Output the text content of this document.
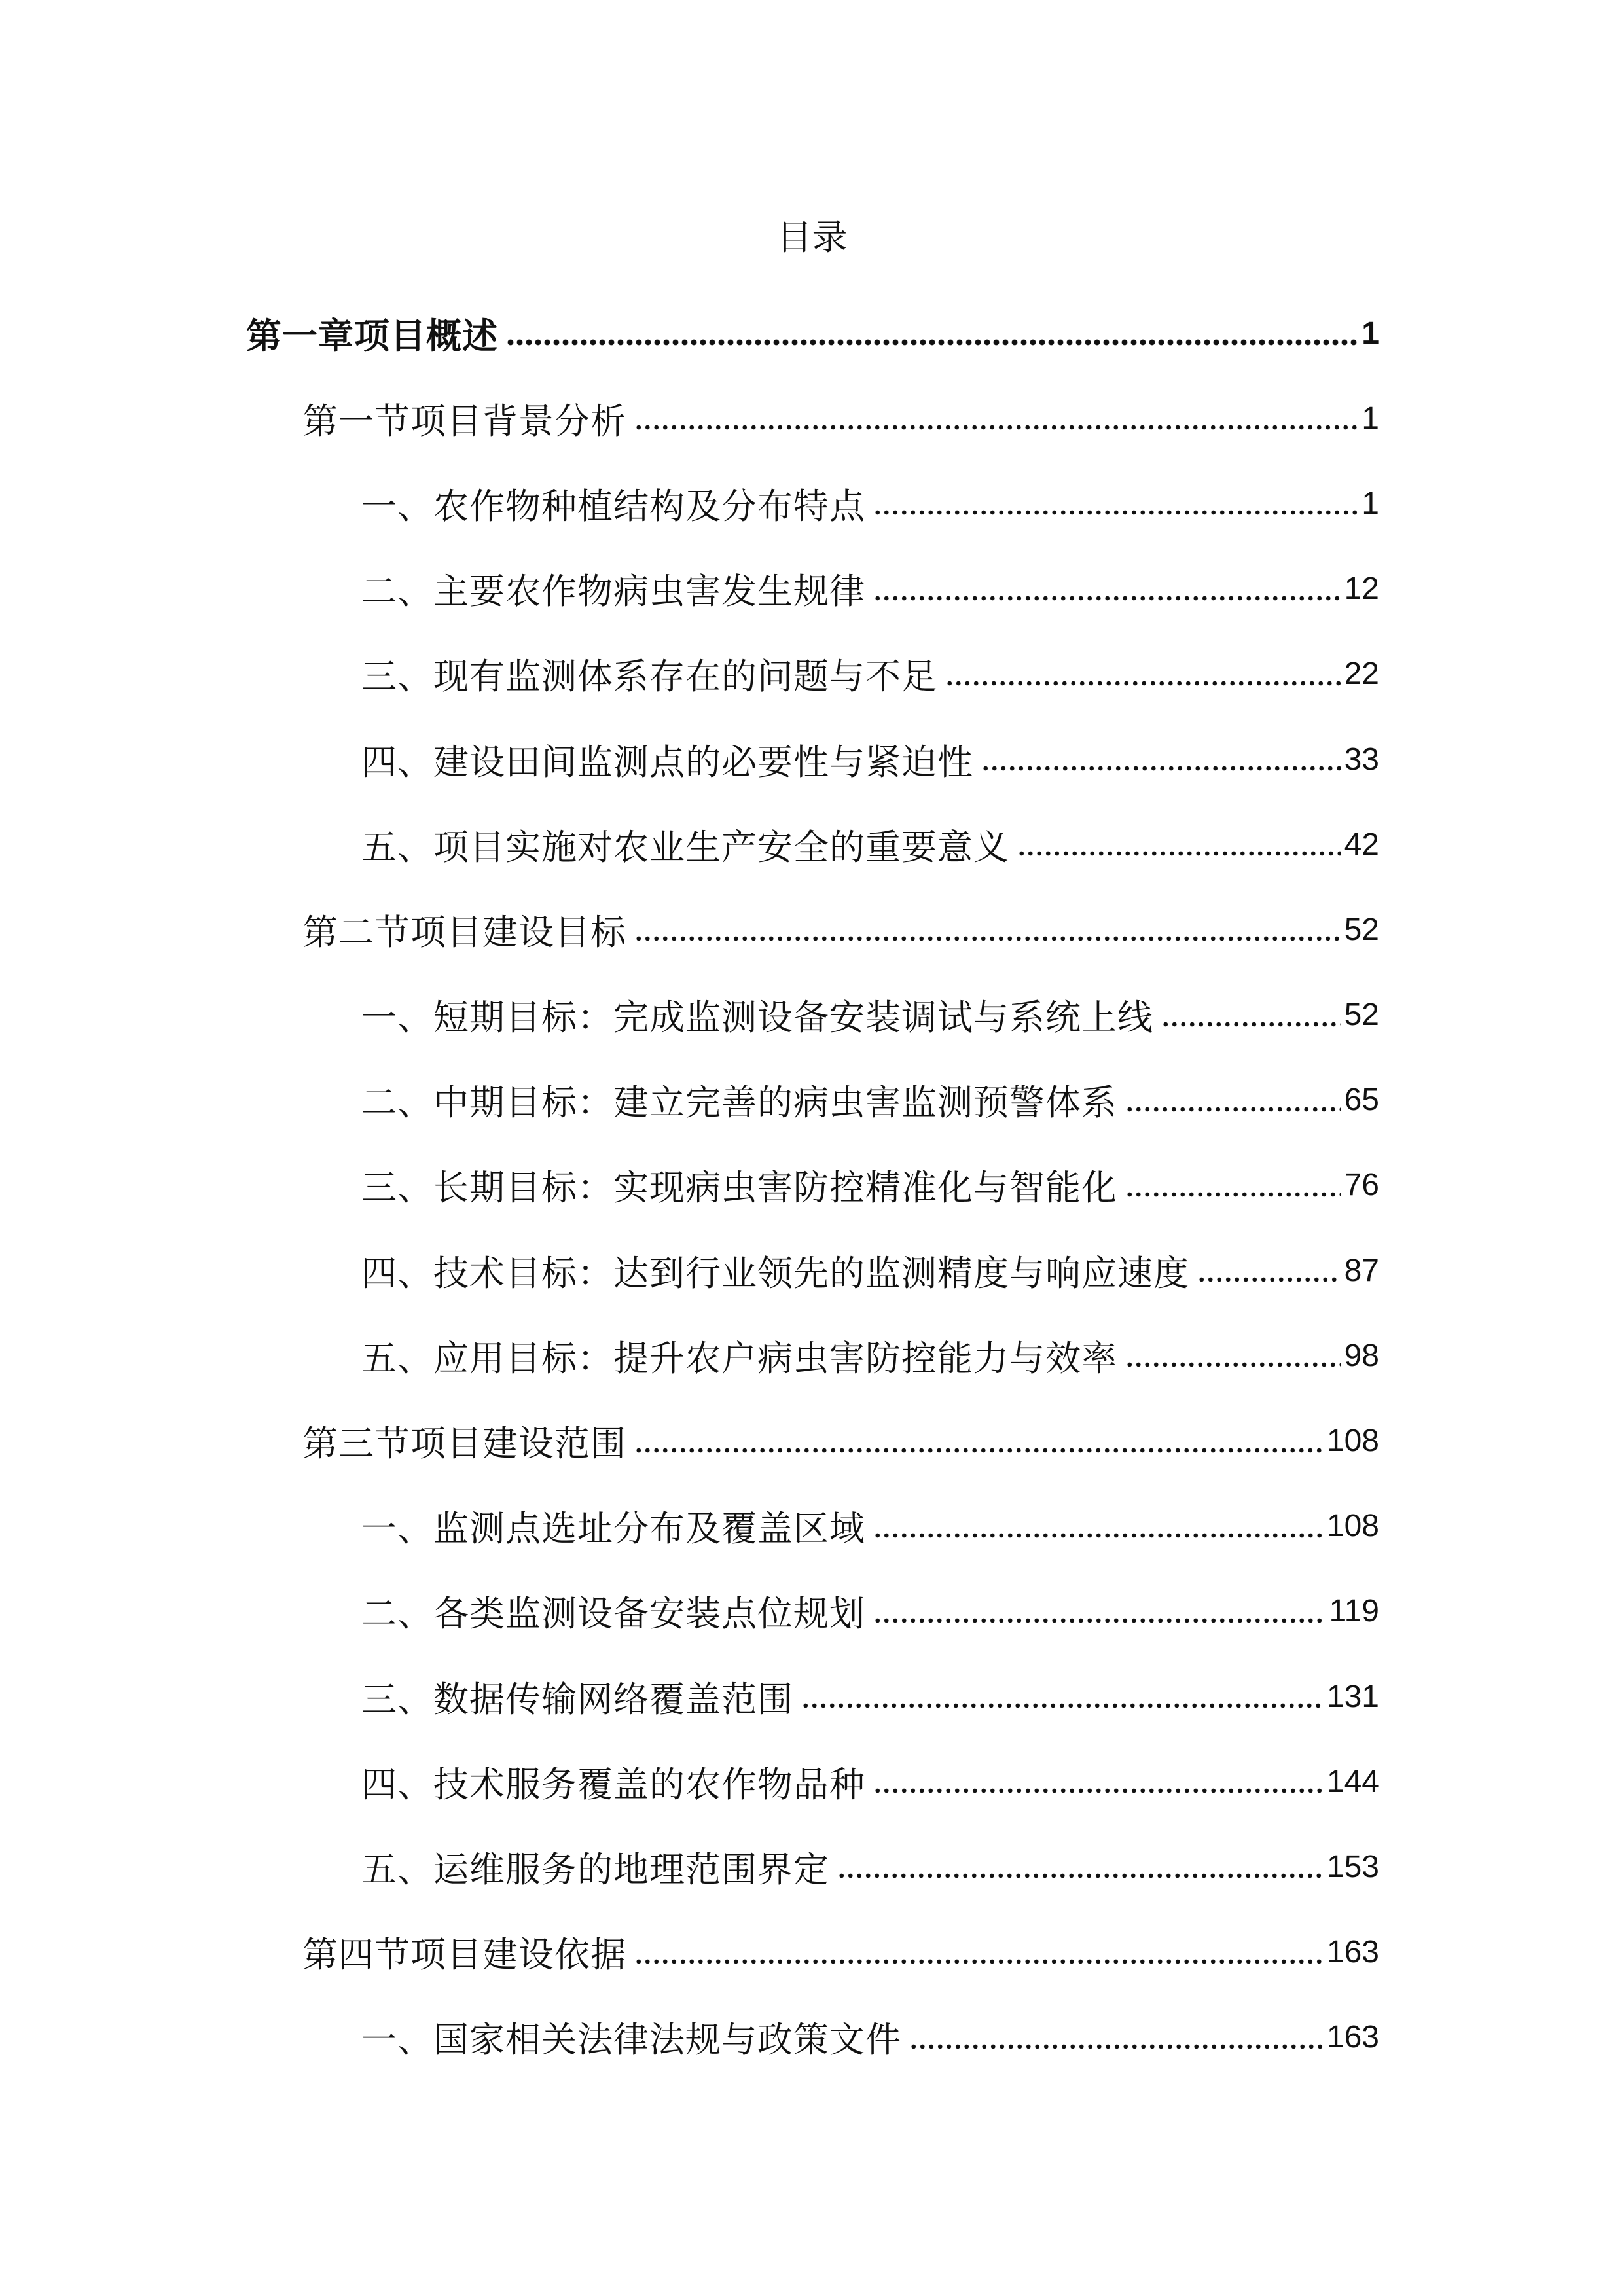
目录
第一章项目概述	1
第一节项目背景分析	1
一、农作物种植结构及分布特点	1
二、主要农作物病虫害发生规律	12
三、现有监测体系存在的问题与不足	22
四、建设田间监测点的必要性与紧迫性	33
五、项目实施对农业生产安全的重要意义	42
第二节项目建设目标	52
一、短期目标：完成监测设备安装调试与系统上线	52
二、中期目标：建立完善的病虫害监测预警体系	65
三、长期目标：实现病虫害防控精准化与智能化	76
四、技术目标：达到行业领先的监测精度与响应速度	87
五、应用目标：提升农户病虫害防控能力与效率	98
第三节项目建设范围	108
一、监测点选址分布及覆盖区域	108
二、各类监测设备安装点位规划	119
三、数据传输网络覆盖范围	131
四、技术服务覆盖的农作物品种	144
五、运维服务的地理范围界定	153
第四节项目建设依据	163
一、国家相关法律法规与政策文件	163
